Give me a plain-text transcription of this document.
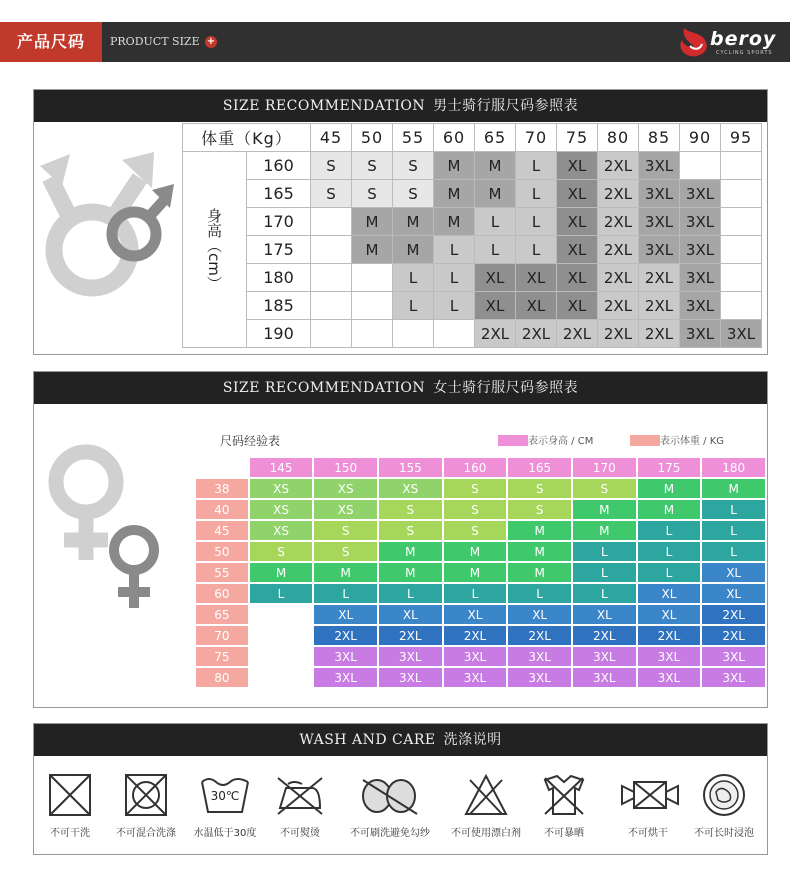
产品尺码	PRODUCT SIZE +	beroy
CYCLING SPORTS
SIZE RECOMMENDATION 男士骑行服尺码参照表
体重（Kg）		45	50	55	60	65	70	75	80	85	90	95
身高（cm）	160	S	S	S	M	M	L	XL	2XL	3XL		
	165	S	S	S	M	M	L	XL	2XL	3XL	3XL	
	170		M	M	M	L	L	XL	2XL	3XL	3XL	
	175		M	M	L	L	L	XL	2XL	3XL	3XL	
	180			L	L	XL	XL	XL	2XL	2XL	3XL	
	185			L	L	XL	XL	XL	2XL	2XL	3XL	
	190					2XL	2XL	2XL	2XL	2XL	3XL	3XL
SIZE RECOMMENDATION 女士骑行服尺码参照表
尺码经验表	表示身高 / CM	表示体重 / KG
	145	150	155	160	165	170	175	180
38	XS	XS	XS	S	S	S	M	M
40	XS	XS	S	S	S	M	M	L
45	XS	S	S	S	M	M	L	L
50	S	S	M	M	M	L	L	L
55	M	M	M	M	M	L	L	XL
60	L	L	L	L	L	L	XL	XL
65		XL	XL	XL	XL	XL	XL	2XL
70		2XL	2XL	2XL	2XL	2XL	2XL	2XL
75		3XL	3XL	3XL	3XL	3XL	3XL	3XL
80		3XL	3XL	3XL	3XL	3XL	3XL	3XL
WASH AND CARE 洗涤说明
不可干洗	不可混合洗涤
30℃
水温低于30度	不可熨烫	不可刷洗避免勾纱	不可使用漂白剂	不可暴晒	不可烘干	不可长时浸泡
